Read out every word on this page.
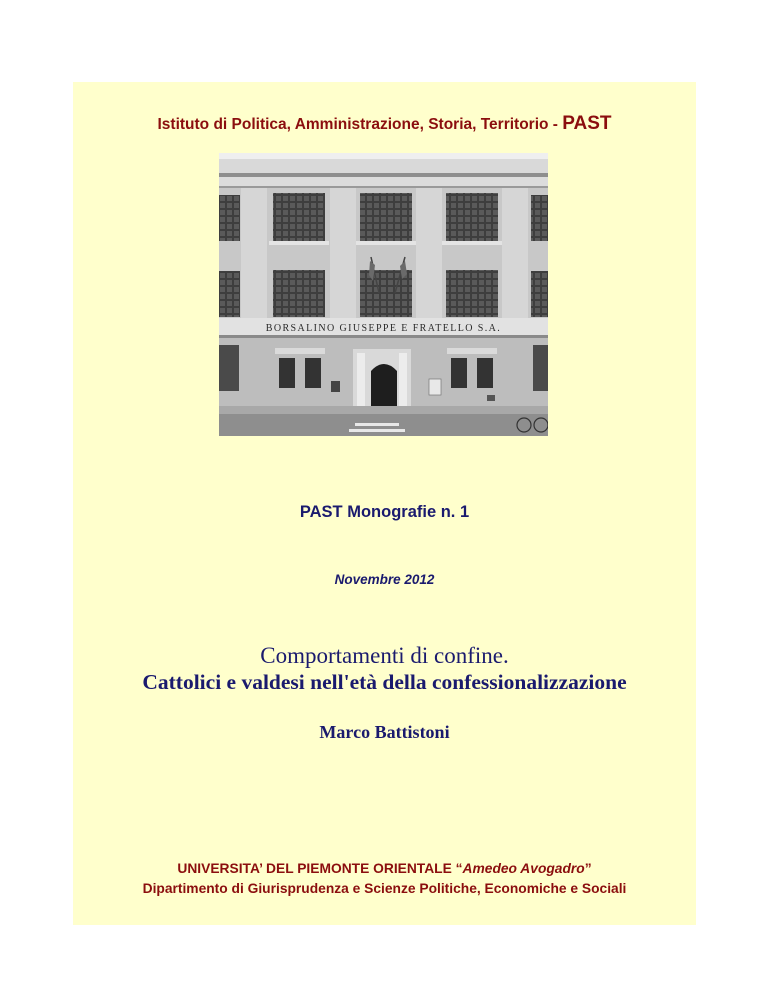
Istituto di Politica, Amministrazione, Storia, Territorio - PAST
BORSALINO GIUSEPPE E FRATELLO S.A.
PAST Monografie n. 1
Novembre 2012
Comportamenti di confine.
Cattolici e valdesi nell'età della confessionalizzazione
Marco Battistoni
UNIVERSITA’ DEL PIEMONTE ORIENTALE “Amedeo Avogadro”
Dipartimento di Giurisprudenza e Scienze Politiche, Economiche e Sociali
